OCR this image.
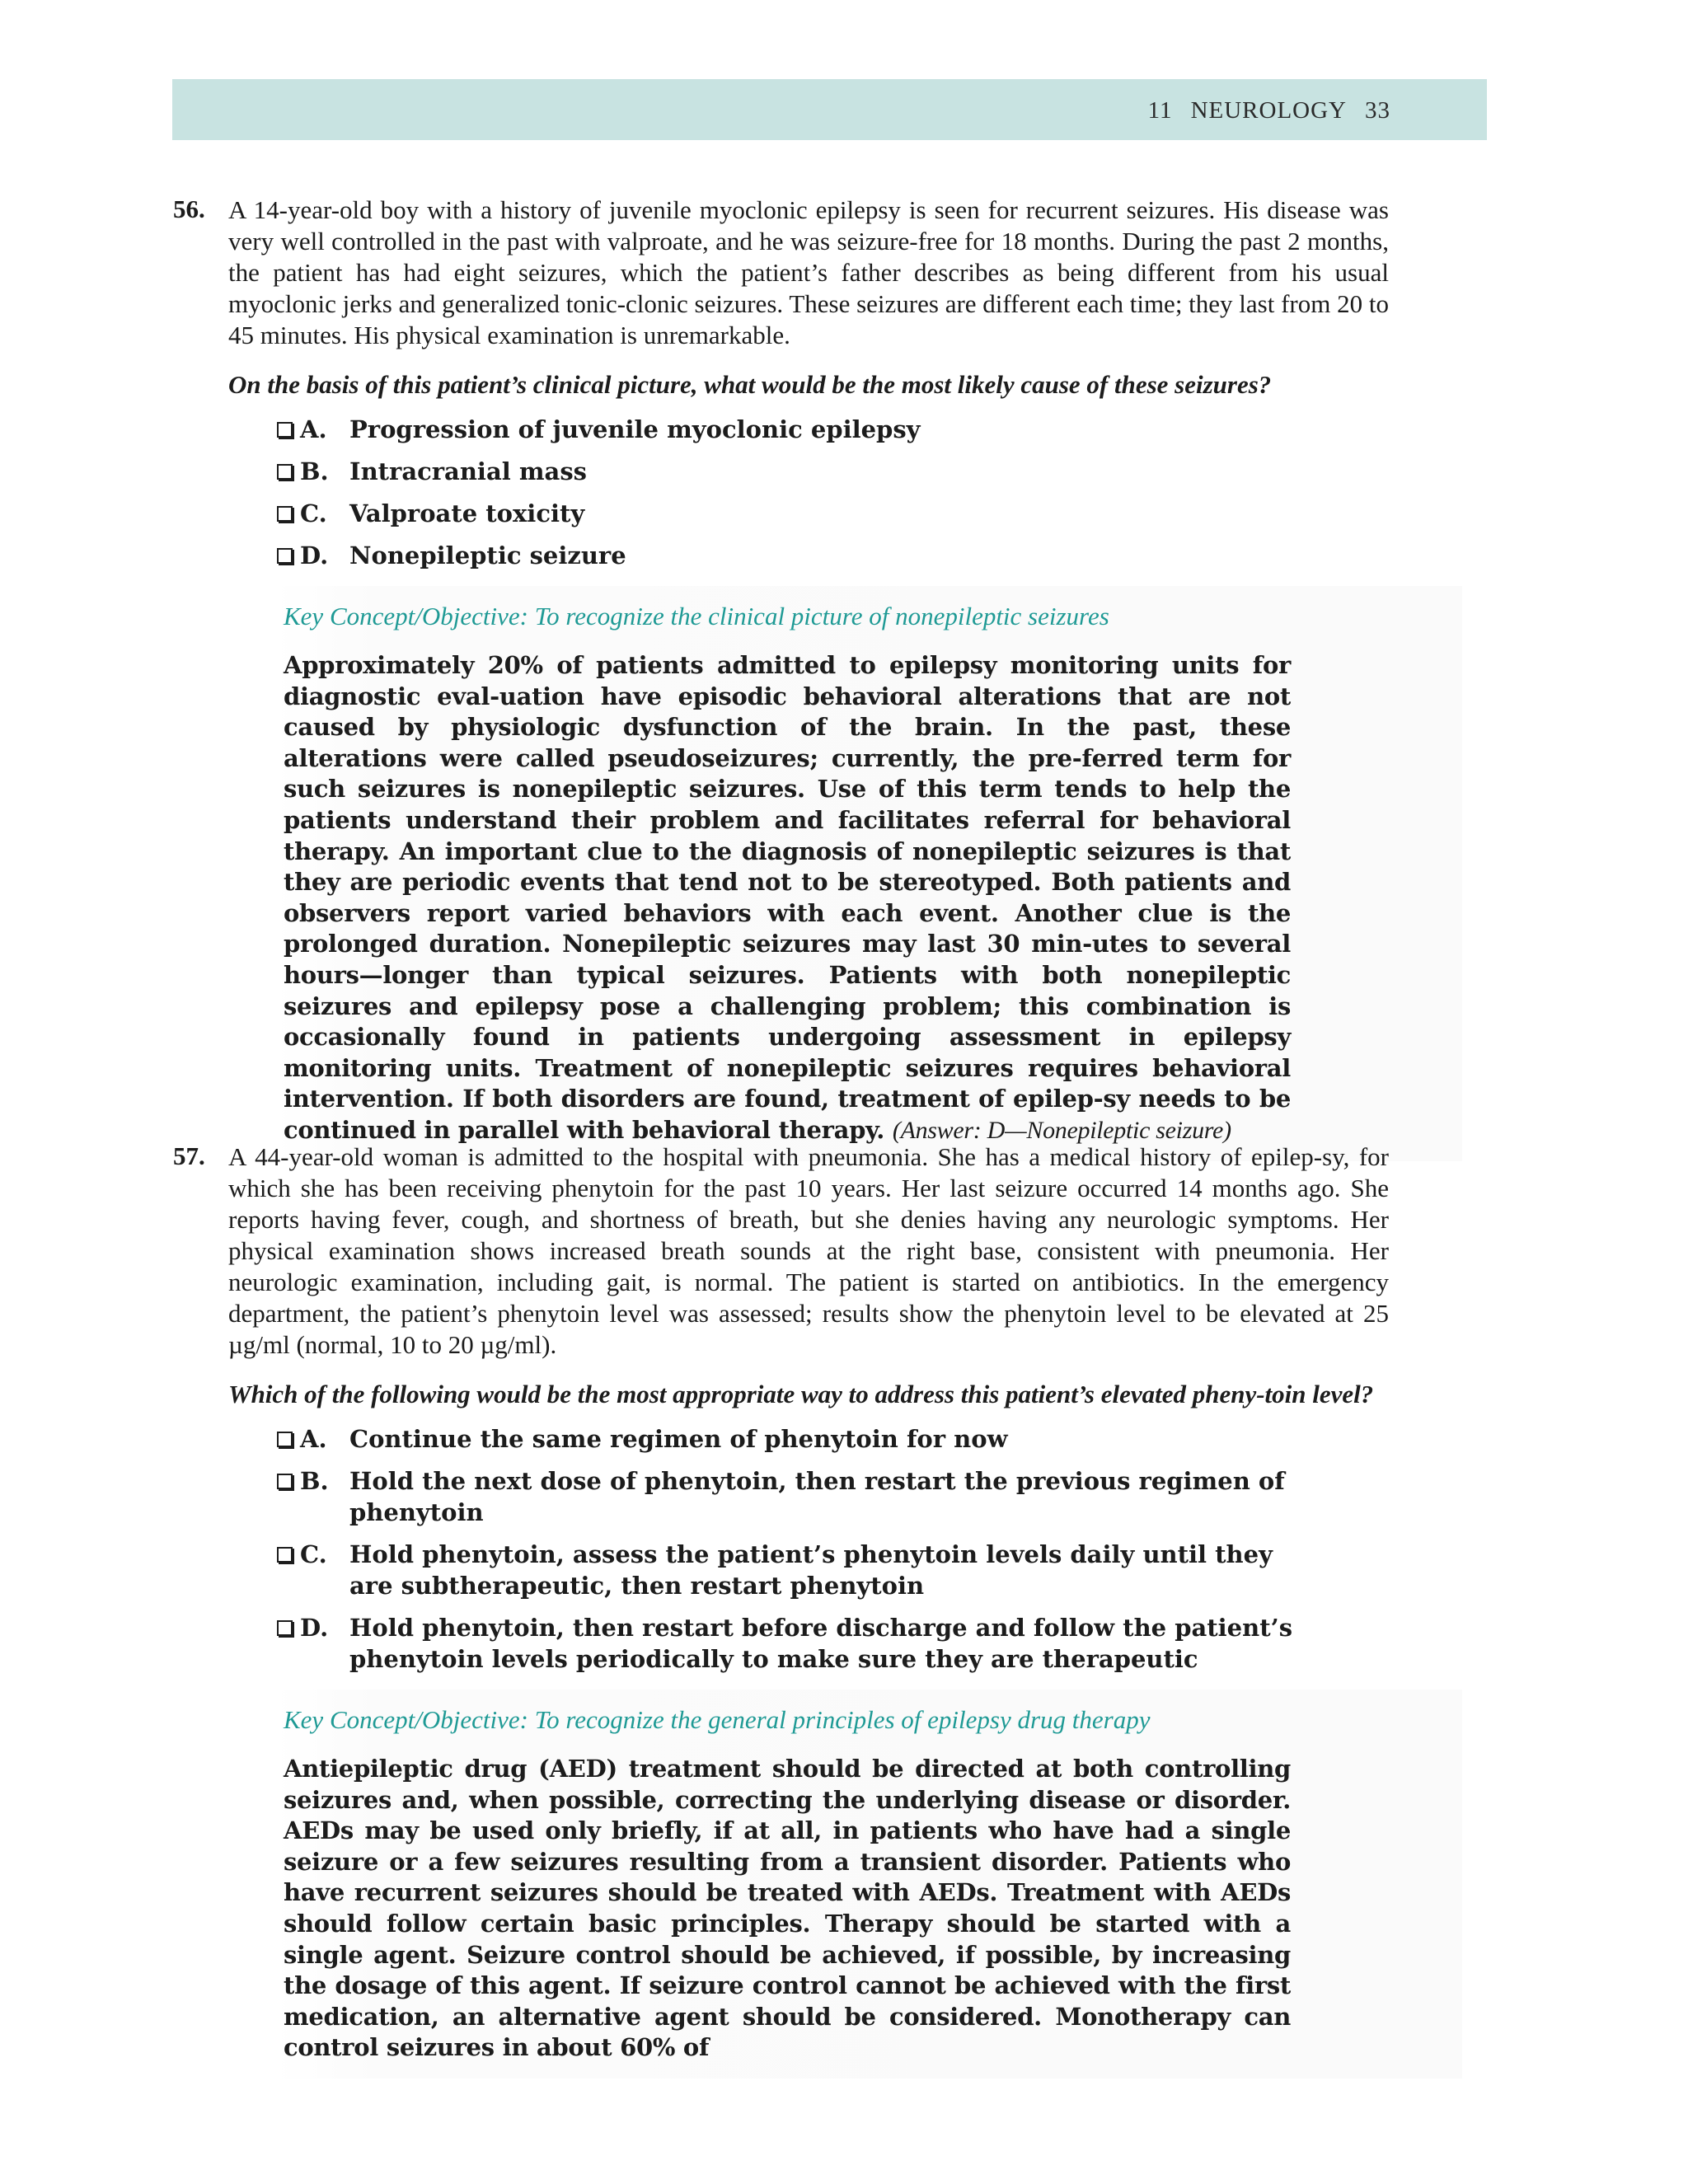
11 NEUROLOGY 33
56. A 14-year-old boy with a history of juvenile myoclonic epilepsy is seen for recurrent seizures. His disease was very well controlled in the past with valproate, and he was seizure-free for 18 months. During the past 2 months, the patient has had eight seizures, which the patient’s father describes as being different from his usual myoclonic jerks and generalized tonic-clonic seizures. These seizures are different each time; they last from 20 to 45 minutes. His physical examination is unremarkable.
On the basis of this patient’s clinical picture, what would be the most likely cause of these seizures?
A. Progression of juvenile myoclonic epilepsy
B. Intracranial mass
C. Valproate toxicity
D. Nonepileptic seizure
Key Concept/Objective: To recognize the clinical picture of nonepileptic seizures
Approximately 20% of patients admitted to epilepsy monitoring units for diagnostic eval-uation have episodic behavioral alterations that are not caused by physiologic dysfunction of the brain. In the past, these alterations were called pseudoseizures; currently, the pre-ferred term for such seizures is nonepileptic seizures. Use of this term tends to help the patients understand their problem and facilitates referral for behavioral therapy. An important clue to the diagnosis of nonepileptic seizures is that they are periodic events that tend not to be stereotyped. Both patients and observers report varied behaviors with each event. Another clue is the prolonged duration. Nonepileptic seizures may last 30 min-utes to several hours—longer than typical seizures. Patients with both nonepileptic seizures and epilepsy pose a challenging problem; this combination is occasionally found in patients undergoing assessment in epilepsy monitoring units. Treatment of nonepileptic seizures requires behavioral intervention. If both disorders are found, treatment of epilep-sy needs to be continued in parallel with behavioral therapy. (Answer: D—Nonepileptic seizure)
57. A 44-year-old woman is admitted to the hospital with pneumonia. She has a medical history of epilep-sy, for which she has been receiving phenytoin for the past 10 years. Her last seizure occurred 14 months ago. She reports having fever, cough, and shortness of breath, but she denies having any neurologic symptoms. Her physical examination shows increased breath sounds at the right base, consistent with pneumonia. Her neurologic examination, including gait, is normal. The patient is started on antibiotics. In the emergency department, the patient’s phenytoin level was assessed; results show the phenytoin level to be elevated at 25 µg/ml (normal, 10 to 20 µg/ml).
Which of the following would be the most appropriate way to address this patient’s elevated pheny-toin level?
A. Continue the same regimen of phenytoin for now
B. Hold the next dose of phenytoin, then restart the previous regimen of phenytoin
C. Hold phenytoin, assess the patient’s phenytoin levels daily until they are subtherapeutic, then restart phenytoin
D. Hold phenytoin, then restart before discharge and follow the patient’s phenytoin levels periodically to make sure they are therapeutic
Key Concept/Objective: To recognize the general principles of epilepsy drug therapy
Antiepileptic drug (AED) treatment should be directed at both controlling seizures and, when possible, correcting the underlying disease or disorder. AEDs may be used only briefly, if at all, in patients who have had a single seizure or a few seizures resulting from a transient disorder. Patients who have recurrent seizures should be treated with AEDs. Treatment with AEDs should follow certain basic principles. Therapy should be started with a single agent. Seizure control should be achieved, if possible, by increasing the dosage of this agent. If seizure control cannot be achieved with the first medication, an alternative agent should be considered. Monotherapy can control seizures in about 60% of
